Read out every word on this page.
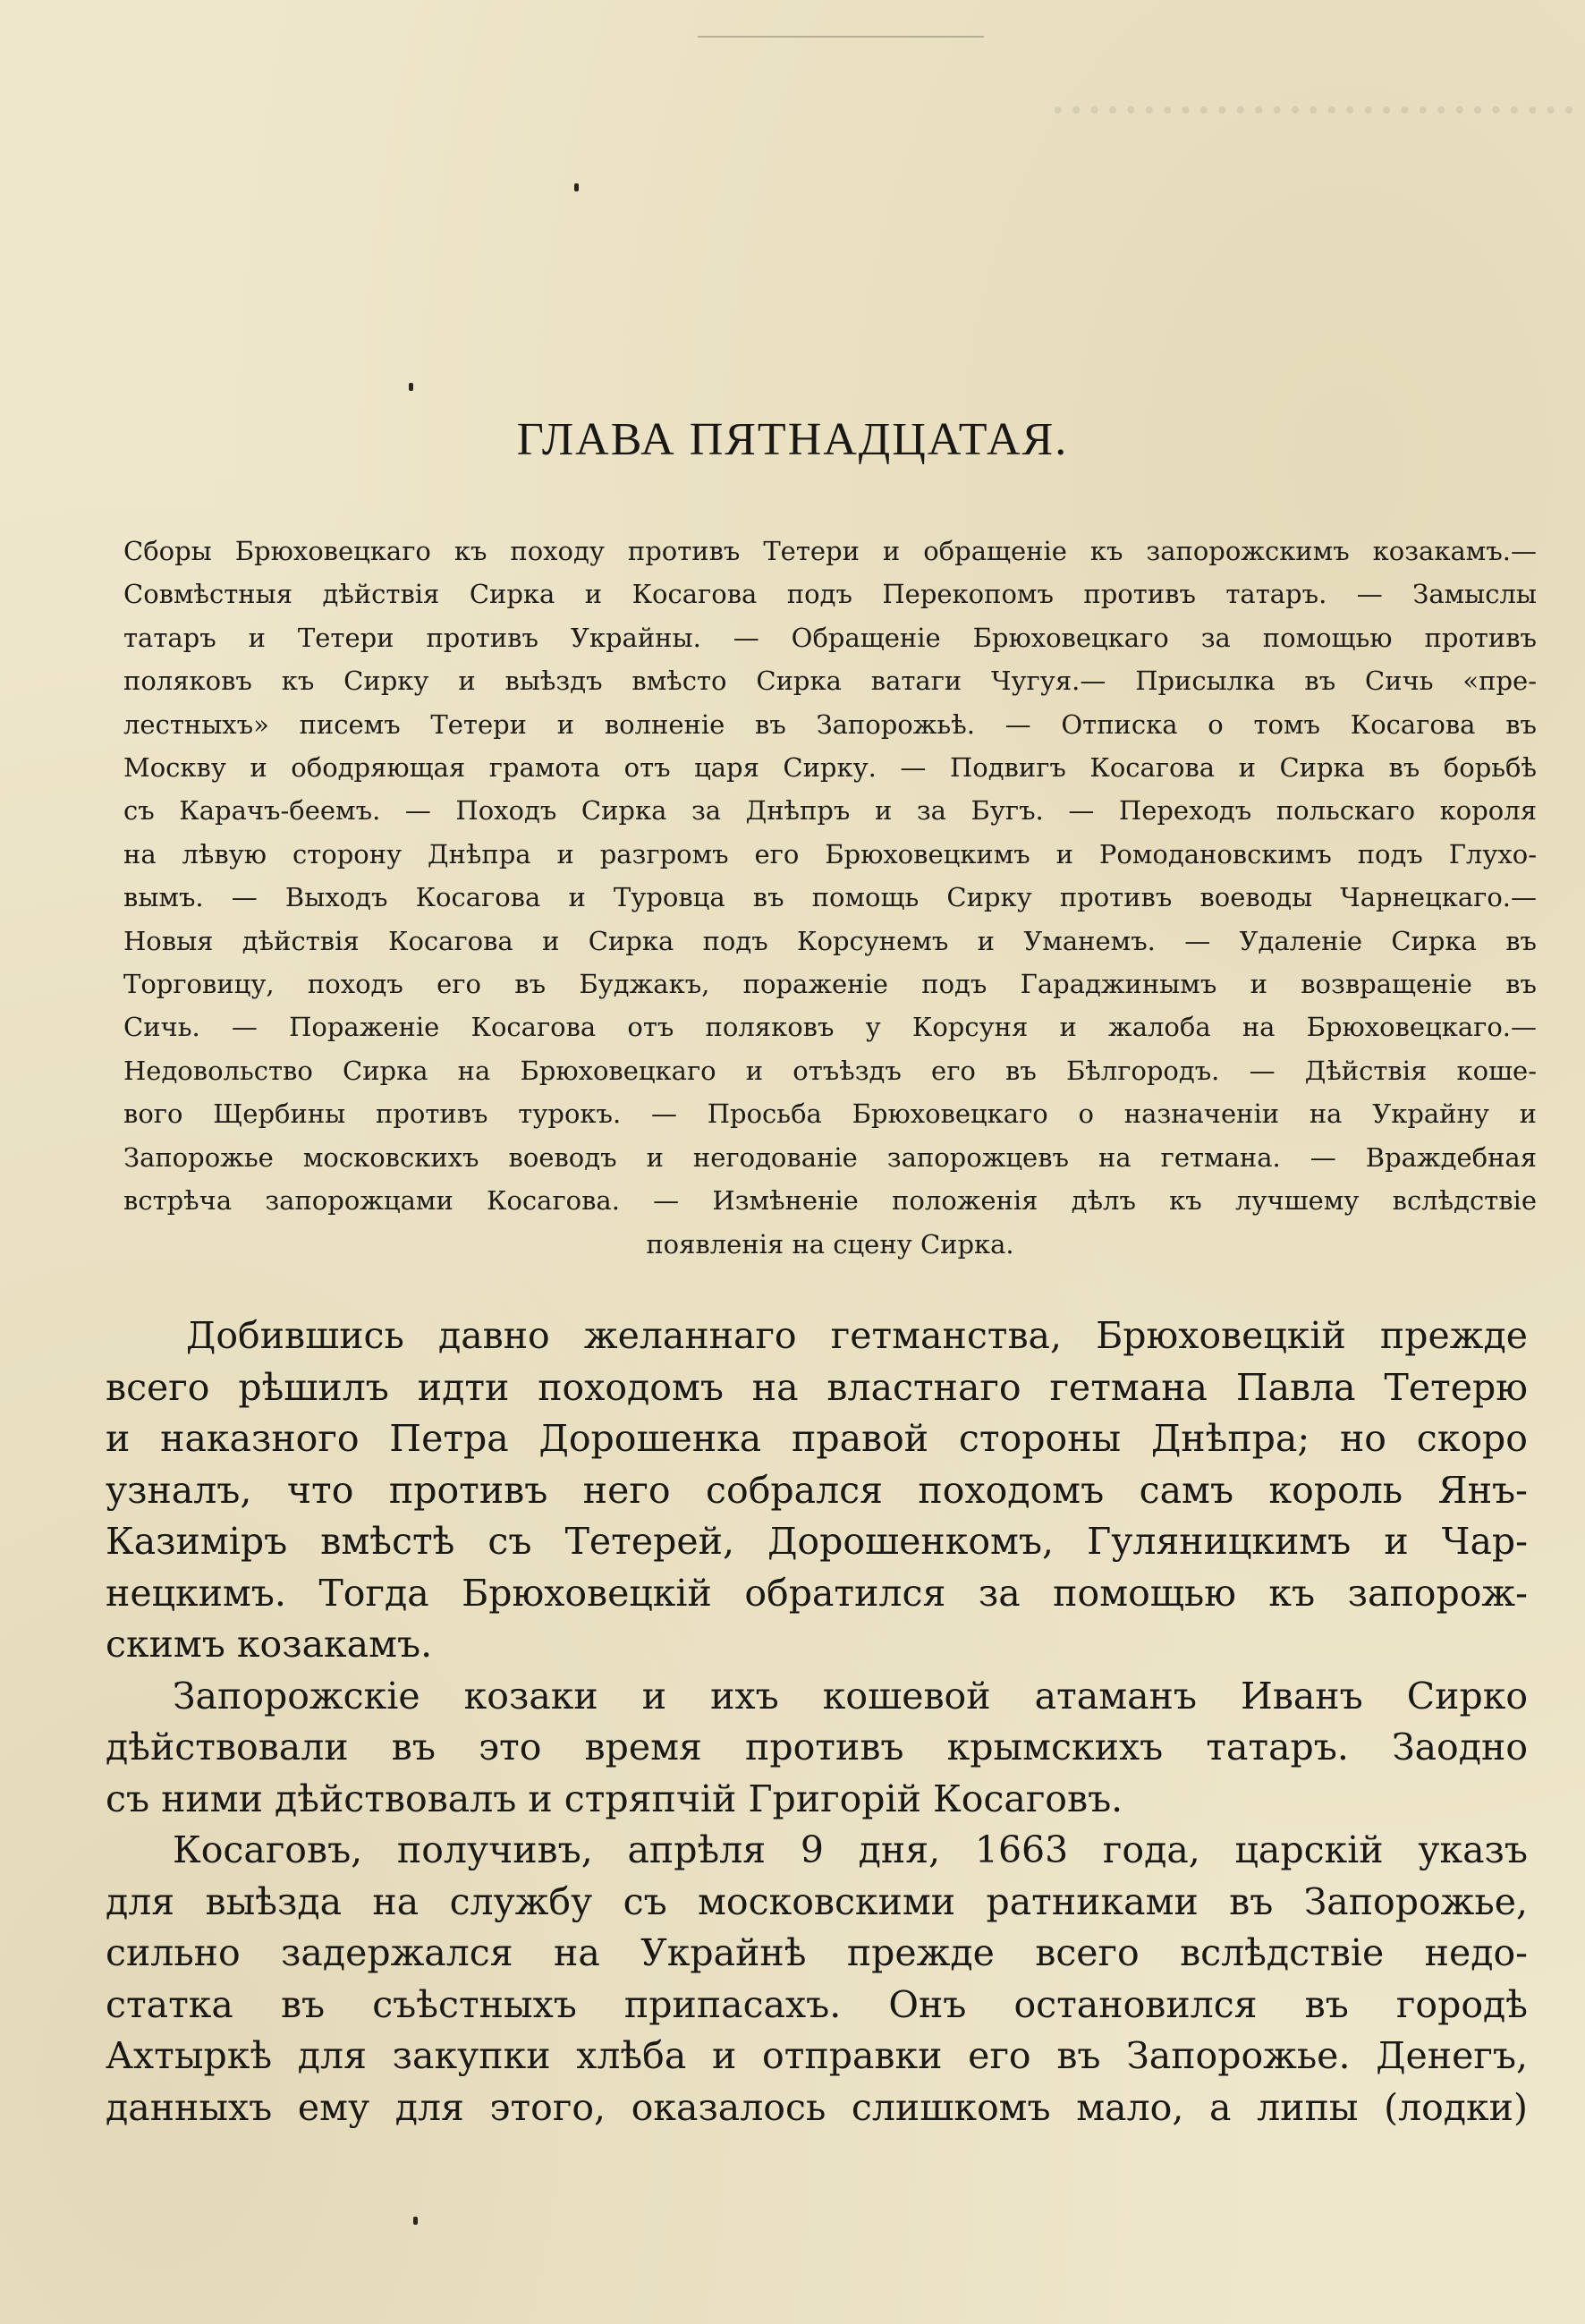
• • • • • • • • • • • • • • • • • • • • • • • • • • • • •
ГЛАВА ПЯТНАДЦАТАЯ.
Сборы Брюховецкаго къ походу противъ Тетери и обращеніе къ запорожскимъ козакамъ.—
Совмѣстныя дѣйствія Сирка и Косагова подъ Перекопомъ противъ татаръ. — Замыслы
татаръ и Тетери противъ Украйны. — Обращеніе Брюховецкаго за помощью противъ
поляковъ къ Сирку и выѣздъ вмѣсто Сирка ватаги Чугуя.— Присылка въ Сичь «пре-
лестныхъ» писемъ Тетери и волненіе въ Запорожьѣ. — Отписка о томъ Косагова въ
Москву и ободряющая грамота отъ царя Сирку. — Подвигъ Косагова и Сирка въ борьбѣ
съ Карачъ-беемъ. — Походъ Сирка за Днѣпръ и за Бугъ. — Переходъ польскаго короля
на лѣвую сторону Днѣпра и разгромъ его Брюховецкимъ и Ромодановскимъ подъ Глухо-
вымъ. — Выходъ Косагова и Туровца въ помощь Сирку противъ воеводы Чарнецкаго.—
Новыя дѣйствія Косагова и Сирка подъ Корсунемъ и Уманемъ. — Удаленіе Сирка въ
Торговицу, походъ его въ Буджакъ, пораженіе подъ Гараджинымъ и возвращеніе въ
Сичь. — Пораженіе Косагова отъ поляковъ у Корсуня и жалоба на Брюховецкаго.—
Недовольство Сирка на Брюховецкаго и отъѣздъ его въ Бѣлгородъ. — Дѣйствія коше-
вого Щербины противъ турокъ. — Просьба Брюховецкаго о назначеніи на Украйну и
Запорожье московскихъ воеводъ и негодованіе запорожцевъ на гетмана. — Враждебная
встрѣча запорожцами Косагова. — Измѣненіе положенія дѣлъ къ лучшему вслѣдствіе
появленія на сцену Сирка.
Добившись давно желаннаго гетманства, Брюховецкій прежде
всего рѣшилъ идти походомъ на властнаго гетмана Павла Тетерю
и наказного Петра Дорошенка правой стороны Днѣпра; но скоро
узналъ, что противъ него собрался походомъ самъ король Янъ-
Казиміръ вмѣстѣ съ Тетерей, Дорошенкомъ, Гуляницкимъ и Чар-
нецкимъ. Тогда Брюховецкій обратился за помощью къ запорож-
скимъ козакамъ.
Запорожскіе козаки и ихъ кошевой атаманъ Иванъ Сирко
дѣйствовали въ это время противъ крымскихъ татаръ. Заодно
съ ними дѣйствовалъ и стряпчій Григорій Косаговъ.
Косаговъ, получивъ, апрѣля 9 дня, 1663 года, царскій указъ
для выѣзда на службу съ московскими ратниками въ Запорожье,
сильно задержался на Украйнѣ прежде всего вслѣдствіе недо-
статка въ съѣстныхъ припасахъ. Онъ остановился въ городѣ
Ахтыркѣ для закупки хлѣба и отправки его въ Запорожье. Денегъ,
данныхъ ему для этого, оказалось слишкомъ мало, а липы (лодки)
